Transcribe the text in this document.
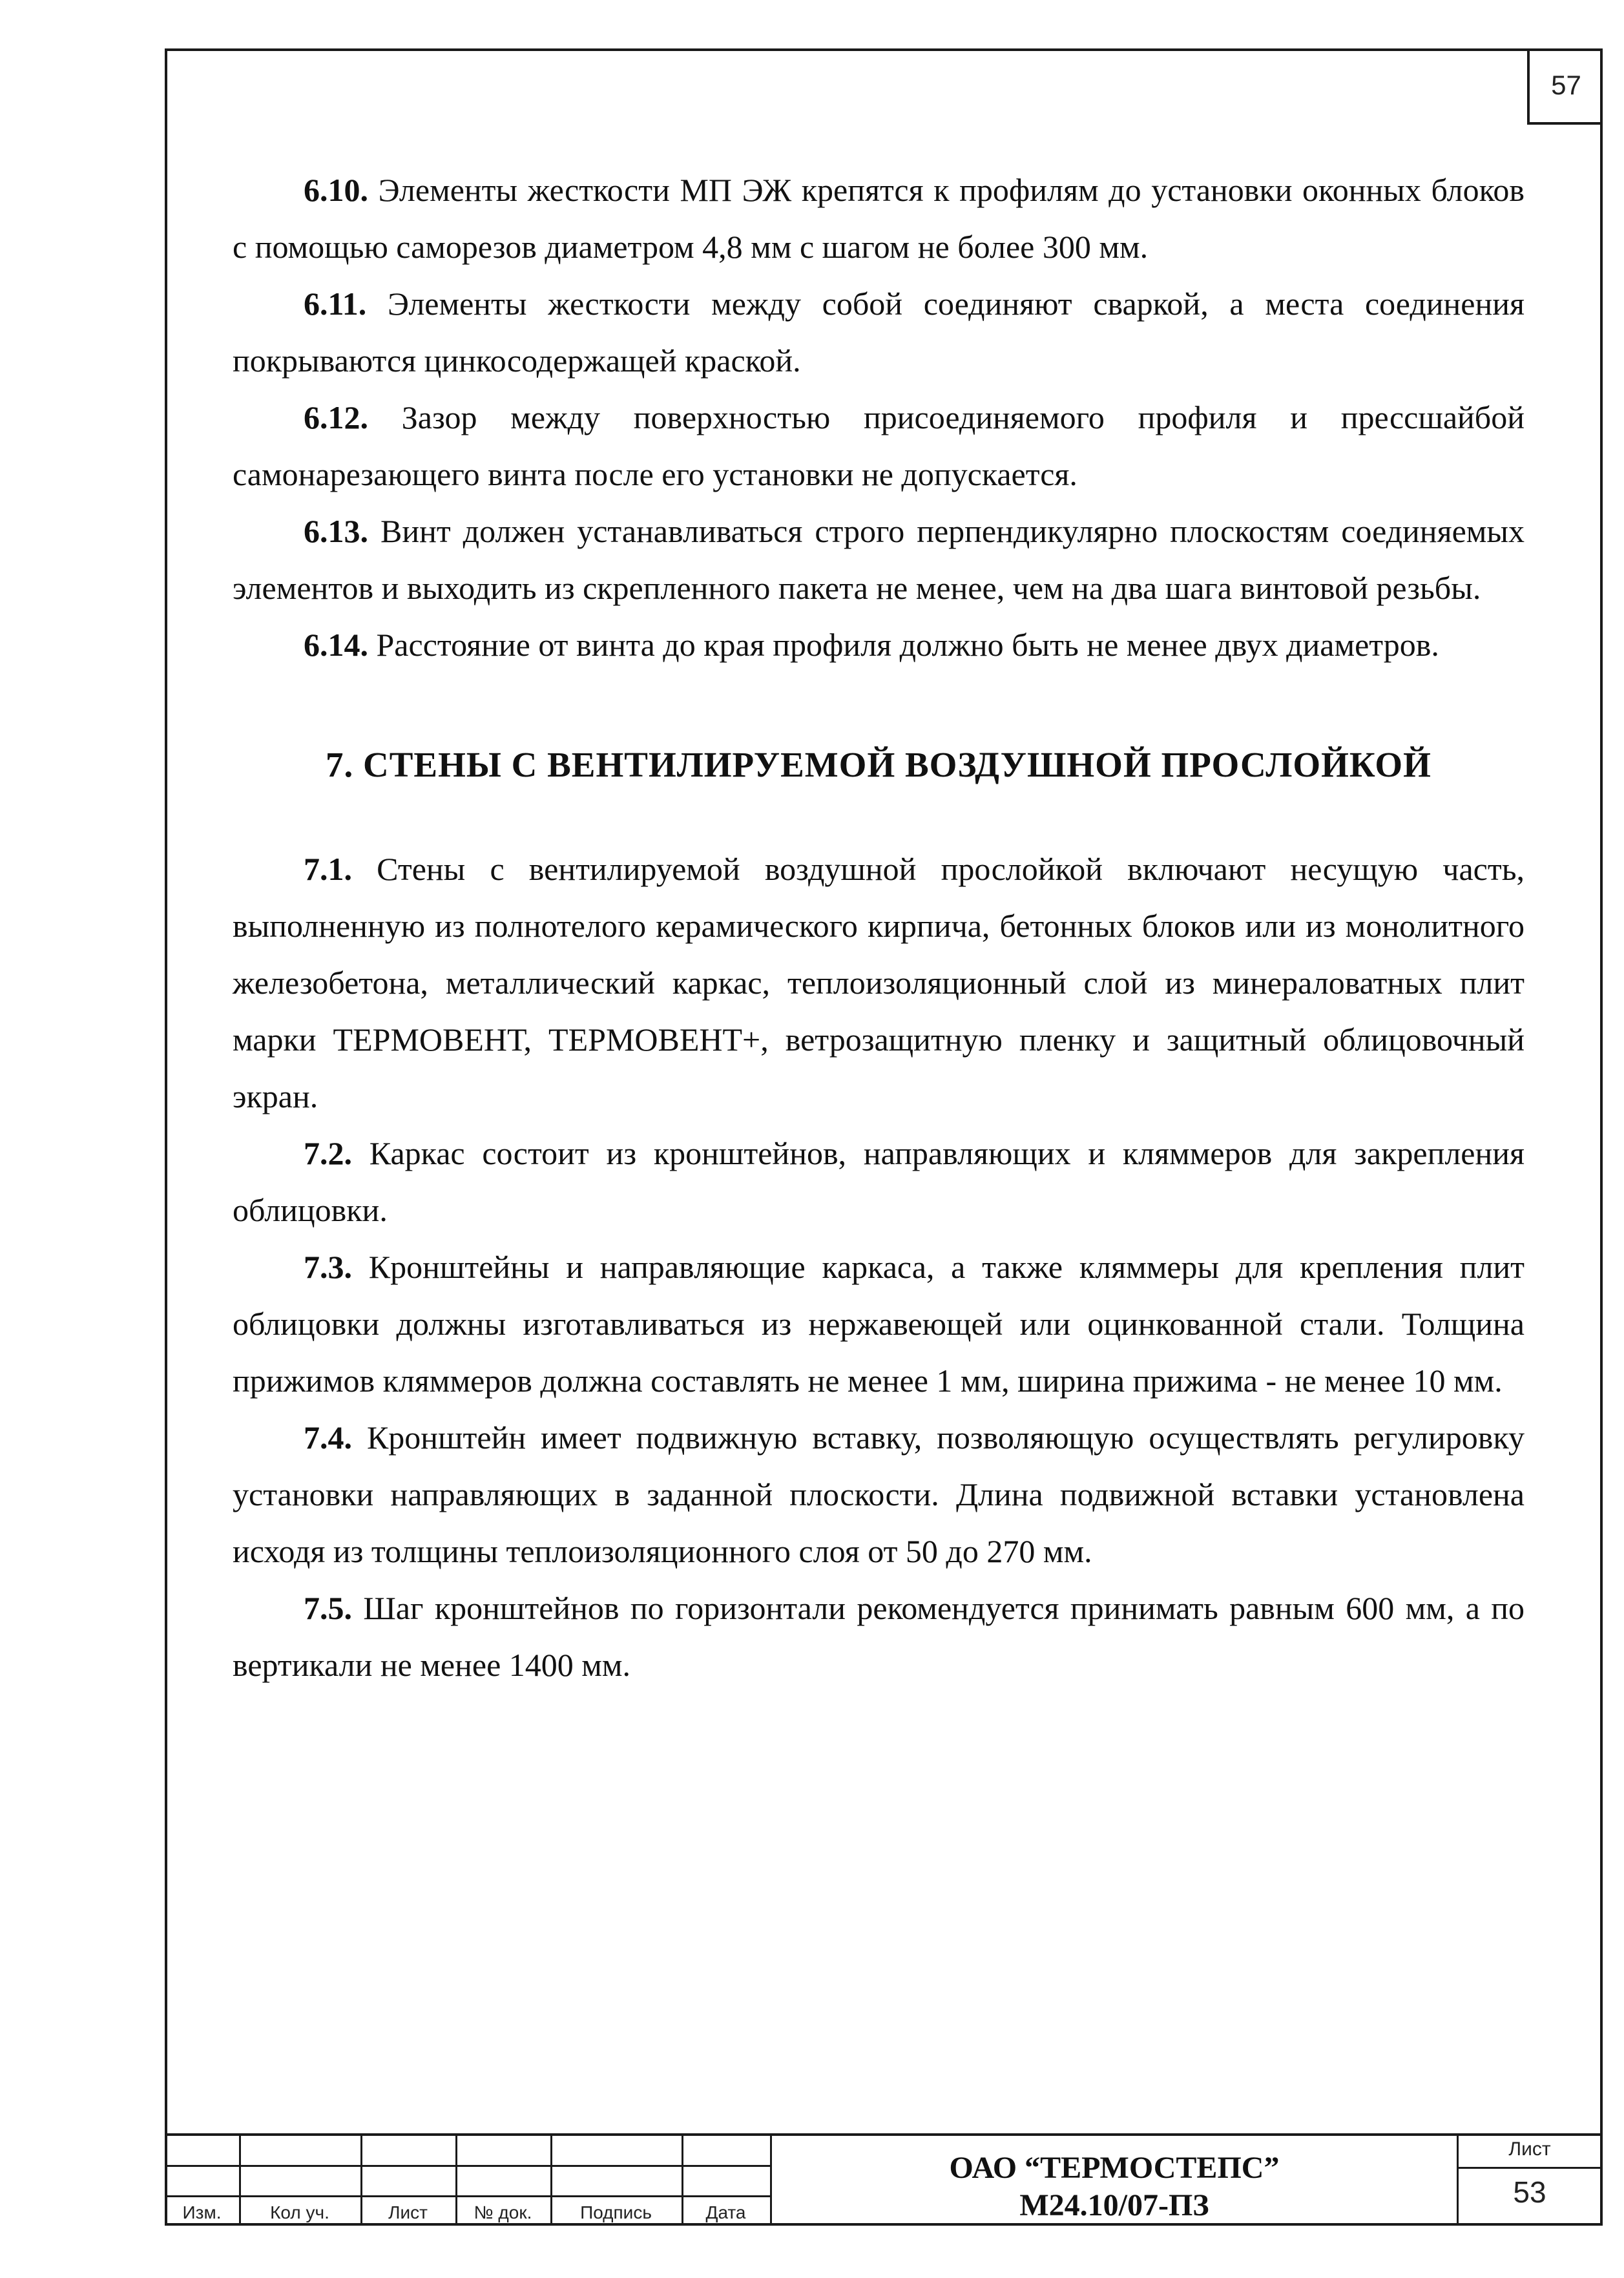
57

6.10. Элементы жесткости МП ЭЖ крепятся к профилям до установки оконных блоков с помощью саморезов диаметром 4,8 мм с шагом не более 300 мм.

6.11. Элементы жесткости между собой соединяют сваркой, а места соединения покрываются цинкосодержащей краской.

6.12. Зазор между поверхностью присоединяемого профиля и прессшайбой самонарезающего винта после его установки не допускается.

6.13. Винт должен устанавливаться строго перпендикулярно плоскостям соединяемых элементов и выходить из скрепленного пакета не менее, чем на два шага винтовой резьбы.

6.14. Расстояние от винта до края профиля должно быть не менее двух диаметров.

7. СТЕНЫ С ВЕНТИЛИРУЕМОЙ ВОЗДУШНОЙ ПРОСЛОЙКОЙ

7.1. Стены с вентилируемой воздушной прослойкой включают несущую часть, выполненную из полнотелого керамического кирпича, бетонных блоков или из монолитного железобетона, металлический каркас, теплоизоляционный слой из минераловатных плит марки ТЕРМОВЕНТ, ТЕРМОВЕНТ+, ветрозащитную пленку и защитный облицовочный экран.

7.2. Каркас состоит из кронштейнов, направляющих и кляммеров для закрепления облицовки.

7.3. Кронштейны и направляющие каркаса, а также кляммеры для крепления плит облицовки должны изготавливаться из нержавеющей или оцинкованной стали. Толщина прижимов кляммеров должна составлять не менее 1 мм, ширина прижима - не менее 10 мм.

7.4. Кронштейн имеет подвижную вставку, позволяющую осуществлять регулировку установки направляющих в заданной плоскости. Длина подвижной вставки установлена исходя из толщины теплоизоляционного слоя от 50 до 270 мм.

7.5. Шаг кронштейнов по горизонтали рекомендуется принимать равным 600 мм, а по вертикали не менее 1400 мм.

Изм.	Кол уч.	Лист	№ док.	Подпись	Дата
ОАО “ТЕРМОСТЕПС”
М24.10/07-ПЗ
Лист
53
